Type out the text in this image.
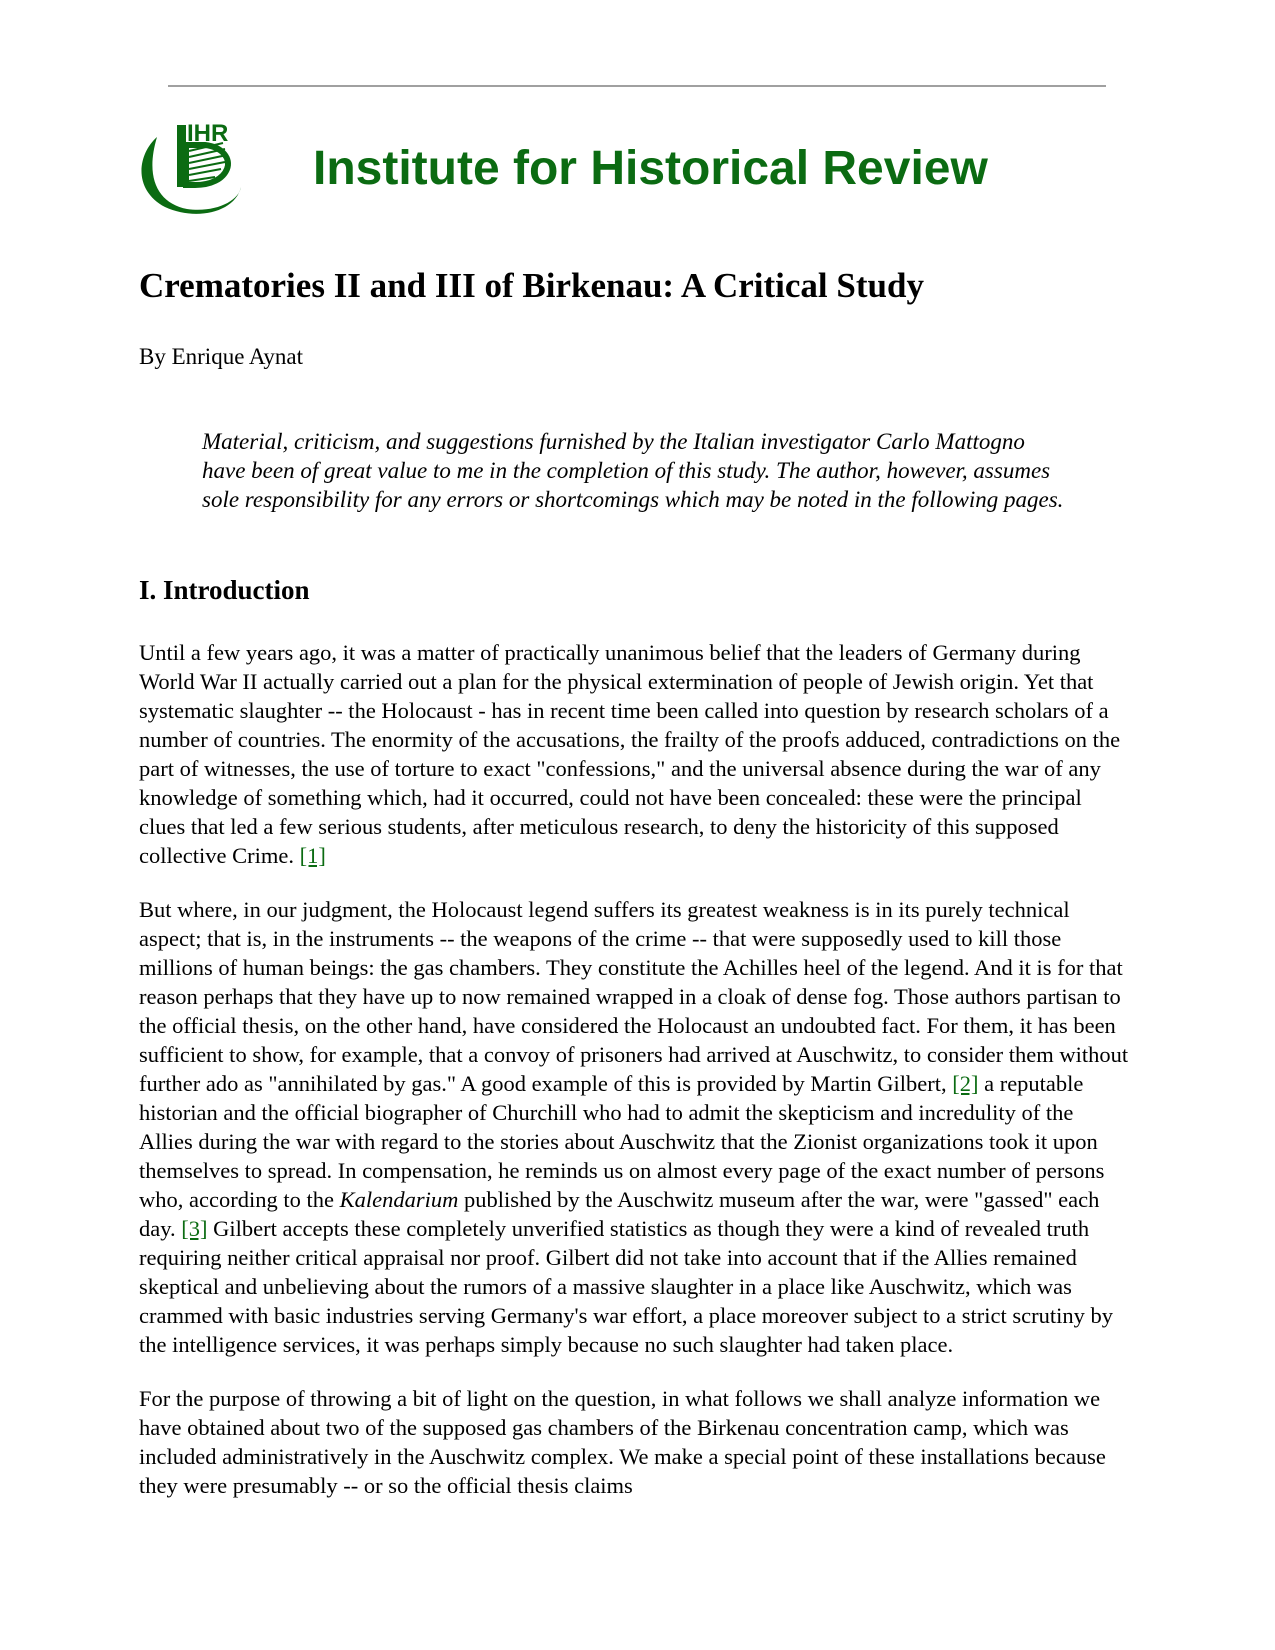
IHR
Institute for Historical Review
Crematories II and III of Birkenau: A Critical Study

By Enrique Aynat

Material, criticism, and suggestions furnished by the Italian investigator Carlo Mattogno have been of great value to me in the completion of this study. The author, however, assumes sole responsibility for any errors or shortcomings which may be noted in the following pages.

I. Introduction

Until a few years ago, it was a matter of practically unanimous belief that the leaders of Germany during World War II actually carried out a plan for the physical extermination of people of Jewish origin. Yet that systematic slaughter -- the Holocaust - has in recent time been called into question by research scholars of a number of countries. The enormity of the accusations, the frailty of the proofs adduced, contradictions on the part of witnesses, the use of torture to exact "confessions," and the universal absence during the war of any knowledge of something which, had it occurred, could not have been concealed: these were the principal clues that led a few serious students, after meticulous research, to deny the historicity of this supposed collective Crime. [1]

But where, in our judgment, the Holocaust legend suffers its greatest weakness is in its purely technical aspect; that is, in the instruments -- the weapons of the crime -- that were supposedly used to kill those millions of human beings: the gas chambers. They constitute the Achilles heel of the legend. And it is for that reason perhaps that they have up to now remained wrapped in a cloak of dense fog. Those authors partisan to the official thesis, on the other hand, have considered the Holocaust an undoubted fact. For them, it has been sufficient to show, for example, that a convoy of prisoners had arrived at Auschwitz, to consider them without further ado as "annihilated by gas." A good example of this is provided by Martin Gilbert, [2] a reputable historian and the official biographer of Churchill who had to admit the skepticism and incredulity of the Allies during the war with regard to the stories about Auschwitz that the Zionist organizations took it upon themselves to spread. In compensation, he reminds us on almost every page of the exact number of persons who, according to the Kalendarium published by the Auschwitz museum after the war, were "gassed" each day. [3] Gilbert accepts these completely unverified statistics as though they were a kind of revealed truth requiring neither critical appraisal nor proof. Gilbert did not take into account that if the Allies remained skeptical and unbelieving about the rumors of a massive slaughter in a place like Auschwitz, which was crammed with basic industries serving Germany's war effort, a place moreover subject to a strict scrutiny by the intelligence services, it was perhaps simply because no such slaughter had taken place.

For the purpose of throwing a bit of light on the question, in what follows we shall analyze information we have obtained about two of the supposed gas chambers of the Birkenau concentration camp, which was included administratively in the Auschwitz complex. We make a special point of these installations because they were presumably -- or so the official thesis claims
